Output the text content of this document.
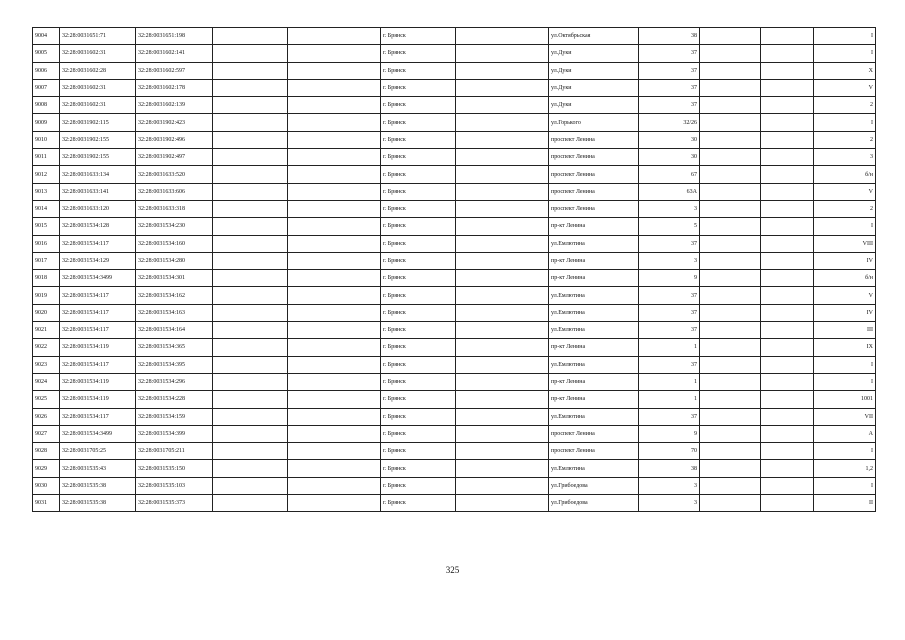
9004	32:28:0031651:71	32:28:0031651:198			г. Брянск		ул.Октябрьская	38			I
9005	32:28:0031602:31	32:28:0031602:141			г. Брянск		ул.Дуки	37			I
9006	32:28:0031602:28	32:28:0031602:597			г. Брянск		ул.Дуки	37			X
9007	32:28:0031602:31	32:28:0031602:178			г. Брянск		ул.Дуки	37			V
9008	32:28:0031602:31	32:28:0031602:139			г. Брянск		ул.Дуки	37			2
9009	32:28:0031902:115	32:28:0031902:423			г. Брянск		ул.Горького	32/26			I
9010	32:28:0031902:155	32:28:0031902:496			г. Брянск		проспект Ленина	30			2
9011	32:28:0031902:155	32:28:0031902:497			г. Брянск		проспект Ленина	30			3
9012	32:28:0031633:134	32:28:0031633:520			г. Брянск		проспект Ленина	67			б/н
9013	32:28:0031633:141	32:28:0031633:606			г. Брянск		проспект Ленина	63А			V
9014	32:28:0031633:120	32:28:0031633:318			г. Брянск		проспект Ленина	3			2
9015	32:28:0031534:128	32:28:0031534:230			г. Брянск		пр-кт Ленина	5			I
9016	32:28:0031534:117	32:28:0031534:160			г. Брянск		ул.Емлютина	37			VIII
9017	32:28:0031534:129	32:28:0031534:280			г. Брянск		пр-кт Ленина	3			IV
9018	32:28:0031534:3499	32:28:0031534:301			г. Брянск		пр-кт Ленина	9			б/н
9019	32:28:0031534:117	32:28:0031534:162			г. Брянск		ул.Емлютина	37			V
9020	32:28:0031534:117	32:28:0031534:163			г. Брянск		ул.Емлютина	37			IV
9021	32:28:0031534:117	32:28:0031534:164			г. Брянск		ул.Емлютина	37			III
9022	32:28:0031534:119	32:28:0031534:365			г. Брянск		пр-кт Ленина	1			IX
9023	32:28:0031534:117	32:28:0031534:395			г. Брянск		ул.Емлютина	37			I
9024	32:28:0031534:119	32:28:0031534:296			г. Брянск		пр-кт Ленина	1			I
9025	32:28:0031534:119	32:28:0031534:228			г. Брянск		пр-кт Ленина	1			1001
9026	32:28:0031534:117	32:28:0031534:159			г. Брянск		ул.Емлютина	37			VII
9027	32:28:0031534:3499	32:28:0031534:399			г. Брянск		проспект Ленина	9			А
9028	32:28:0031705:25	32:28:0031705:211			г. Брянск		проспект Ленина	70			I
9029	32:28:0031535:43	32:28:0031535:150			г. Брянск		ул.Емлютина	38			1,2
9030	32:28:0031535:38	32:28:0031535:103			г. Брянск		ул.Грибоедова	3			I
9031	32:28:0031535:38	32:28:0031535:373			г. Брянск		ул.Грибоедова	3			II
325
